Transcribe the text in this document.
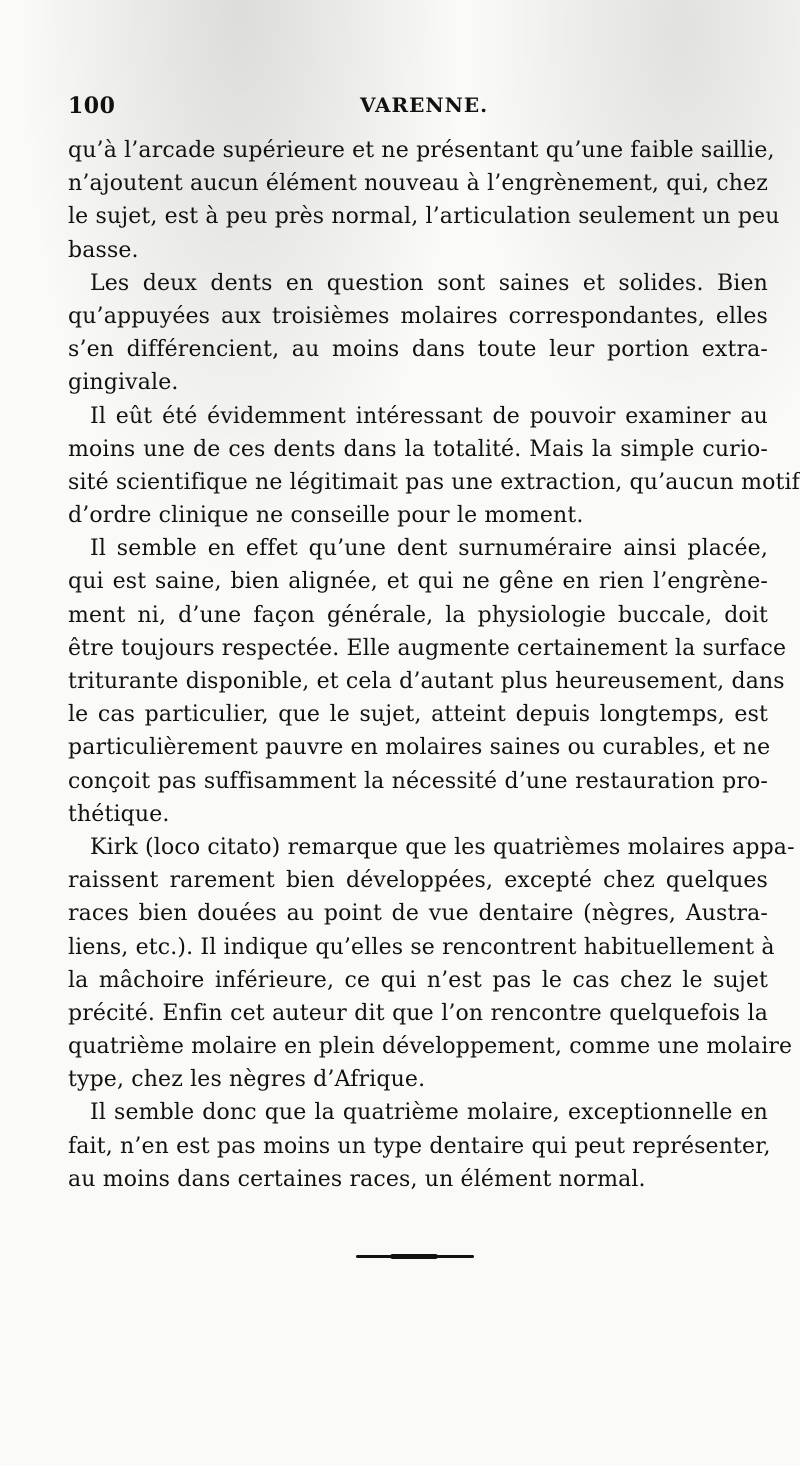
100	VARENNE.
qu’à l’arcade supérieure et ne présentant qu’une faible saillie,
n’ajoutent aucun élément nouveau à l’engrènement, qui, chez
le sujet, est à peu près normal, l’articulation seulement un peu
basse.
Les deux dents en question sont saines et solides. Bien
qu’appuyées aux troisièmes molaires correspondantes, elles
s’en différencient, au moins dans toute leur portion extra-
gingivale.
Il eût été évidemment intéressant de pouvoir examiner au
moins une de ces dents dans la totalité. Mais la simple curio-
sité scientifique ne légitimait pas une extraction, qu’aucun motif
d’ordre clinique ne conseille pour le moment.
Il semble en effet qu’une dent surnuméraire ainsi placée,
qui est saine, bien alignée, et qui ne gêne en rien l’engrène-
ment ni, d’une façon générale, la physiologie buccale, doit
être toujours respectée. Elle augmente certainement la surface
triturante disponible, et cela d’autant plus heureusement, dans
le cas particulier, que le sujet, atteint depuis longtemps, est
particulièrement pauvre en molaires saines ou curables, et ne
conçoit pas suffisamment la nécessité d’une restauration pro-
thétique.
Kirk (loco citato) remarque que les quatrièmes molaires appa-
raissent rarement bien développées, excepté chez quelques
races bien douées au point de vue dentaire (nègres, Austra-
liens, etc.). Il indique qu’elles se rencontrent habituellement à
la mâchoire inférieure, ce qui n’est pas le cas chez le sujet
précité. Enfin cet auteur dit que l’on rencontre quelquefois la
quatrième molaire en plein développement, comme une molaire
type, chez les nègres d’Afrique.
Il semble donc que la quatrième molaire, exceptionnelle en
fait, n’en est pas moins un type dentaire qui peut représenter,
au moins dans certaines races, un élément normal.
